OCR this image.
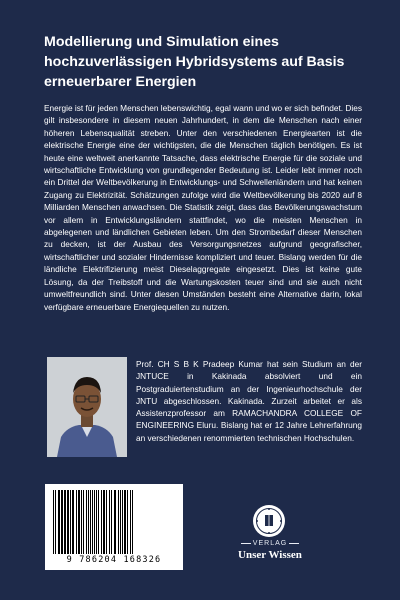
Modellierung und Simulation eines hochzuverlässigen Hybridsystems auf Basis erneuerbarer Energien

Energie ist für jeden Menschen lebenswichtig, egal wann und wo er sich befindet. Dies gilt insbesondere in diesem neuen Jahrhundert, in dem die Menschen nach einer höheren Lebensqualität streben. Unter den verschiedenen Energiearten ist die elektrische Energie eine der wichtigsten, die die Menschen täglich benötigen. Es ist heute eine weltweit anerkannte Tatsache, dass elektrische Energie für die soziale und wirtschaftliche Entwicklung von grundlegender Bedeutung ist. Leider lebt immer noch ein Drittel der Weltbevölkerung in Entwicklungs- und Schwellenländern und hat keinen Zugang zu Elektrizität. Schätzungen zufolge wird die Weltbevölkerung bis 2020 auf 8 Milliarden Menschen anwachsen. Die Statistik zeigt, dass das Bevölkerungswachstum vor allem in Entwicklungsländern stattfindet, wo die meisten Menschen in abgelegenen und ländlichen Gebieten leben. Um den Strombedarf dieser Menschen zu decken, ist der Ausbau des Versorgungsnetzes aufgrund geografischer, wirtschaftlicher und sozialer Hindernisse kompliziert und teuer. Bislang werden für die ländliche Elektrifizierung meist Dieselaggregate eingesetzt. Dies ist keine gute Lösung, da der Treibstoff und die Wartungskosten teuer sind und sie auch nicht umweltfreundlich sind. Unter diesen Umständen besteht eine Alternative darin, lokal verfügbare erneuerbare Energiequellen zu nutzen.

Prof. CH S B K Pradeep Kumar hat sein Studium an der JNTUCE in Kakinada absolviert und ein Postgraduiertenstudium an der Ingenieurhochschule der JNTU abgeschlossen. Kakinada. Zurzeit arbeitet er als Assistenzprofessor am RAMACHANDRA COLLEGE OF ENGINEERING Eluru. Bislang hat er 12 Jahre Lehrerfahrung an verschiedenen renommierten technischen Hochschulen.

9 786204 168326
VERLAG
Unser Wissen
